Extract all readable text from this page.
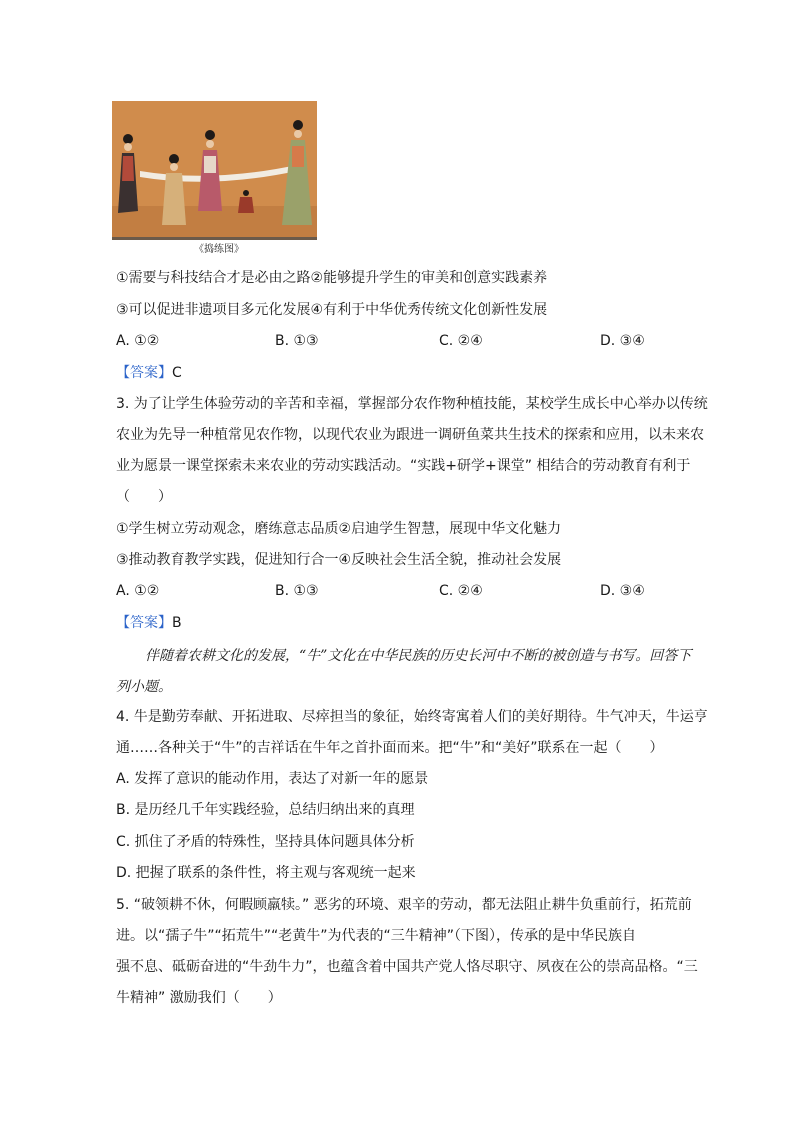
《捣练图》
①需要与科技结合才是必由之路②能够提升学生的审美和创意实践素养
③可以促进非遗项目多元化发展④有利于中华优秀传统文化创新性发展
A. ①②	B. ①③	C. ②④	D. ③④
【答案】C
3. 为了让学生体验劳动的辛苦和幸福，掌握部分农作物种植技能，某校学生成长中心举办以传统
农业为先导一种植常见农作物，以现代农业为跟进一调研鱼菜共生技术的探索和应用，以未来农
业为愿景一课堂探索未来农业的劳动实践活动。“实践+研学+课堂” 相结合的劳动教育有利于
（　　）
①学生树立劳动观念，磨练意志品质②启迪学生智慧，展现中华文化魅力
③推动教育教学实践，促进知行合一④反映社会生活全貌，推动社会发展
A. ①②	B. ①③	C. ②④	D. ③④
【答案】B
伴随着农耕文化的发展，“牛”文化在中华民族的历史长河中不断的被创造与书写。回答下
列小题。
4. 牛是勤劳奉献、开拓进取、尽瘁担当的象征，始终寄寓着人们的美好期待。牛气冲天，牛运亨
通……各种关于“牛”的吉祥话在牛年之首扑面而来。把“牛”和“美好”联系在一起（　　）
A. 发挥了意识的能动作用，表达了对新一年的愿景
B. 是历经几千年实践经验，总结归纳出来的真理
C. 抓住了矛盾的特殊性，坚持具体问题具体分析
D. 把握了联系的条件性，将主观与客观统一起来
5. “破领耕不休，何暇顾羸犊。” 恶劣的环境、艰辛的劳动，都无法阻止耕牛负重前行，拓荒前
进。以“孺子牛”“拓荒牛”“老黄牛”为代表的“三牛精神”（下图），传承的是中华民族自
强不息、砥砺奋进的“牛劲牛力”，也蕴含着中国共产党人恪尽职守、夙夜在公的崇高品格。“三
牛精神” 激励我们（　　）
